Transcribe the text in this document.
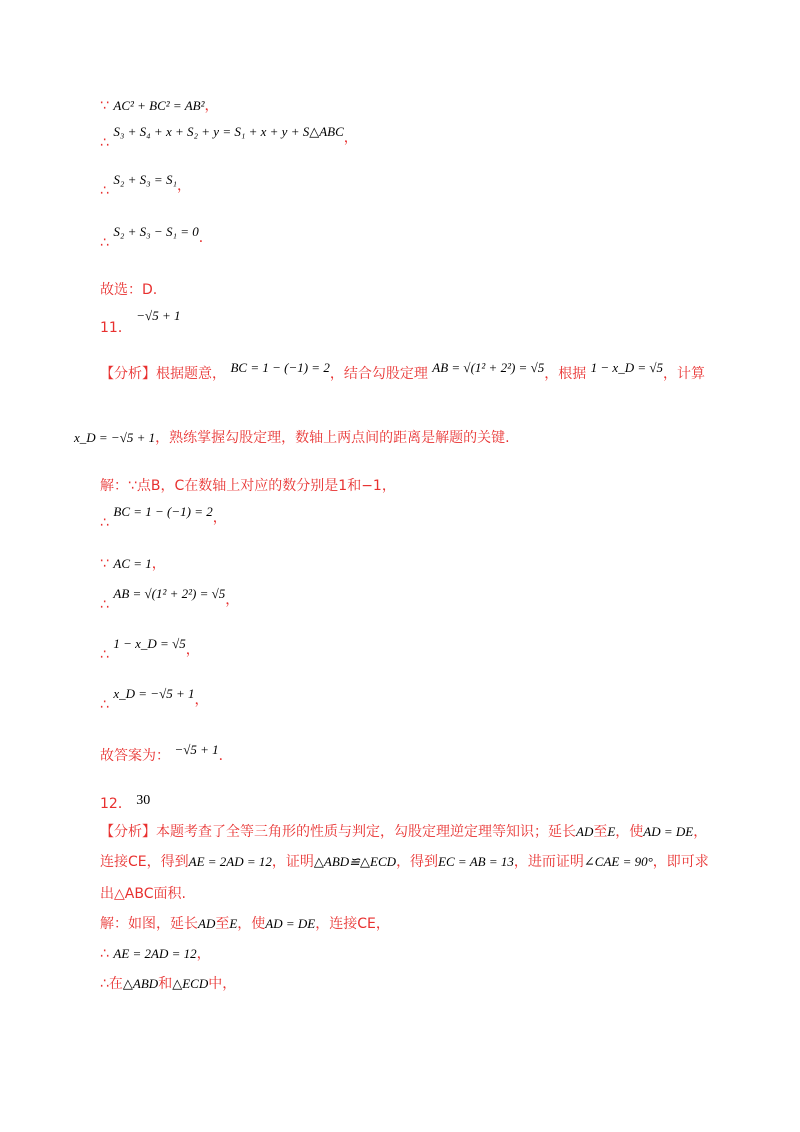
∵ AC² + BC² = AB²，
∴ S₃ + S₄ + x + S₂ + y = S₁ + x + y + S△ABC，
∴ S₂ + S₃ = S₁，
∴ S₂ + S₃ − S₁ = 0．
故选：D.
11． −√5 + 1
【分析】根据题意， BC = 1 − (−1) = 2，结合勾股定理 AB = √(1² + 2²) = √5，根据 1 − x_D = √5，计算
x_D = −√5 + 1，熟练掌握勾股定理，数轴上两点间的距离是解题的关键.
解：∵点B，C在数轴上对应的数分别是1和−1，
∴ BC = 1 − (−1) = 2，
∵ AC = 1，
∴ AB = √(1² + 2²) = √5，
∴ 1 − x_D = √5，
∴ x_D = −√5 + 1，
故答案为： −√5 + 1．
12． 30
【分析】本题考查了全等三角形的性质与判定，勾股定理逆定理等知识；延长AD至E，使AD = DE，
连接CE，得到AE = 2AD = 12，证明△ABD≌△ECD，得到EC = AB = 13，进而证明∠CAE = 90°，即可求
出△ABC面积.
解：如图，延长AD至E，使AD = DE，连接CE，
∴ AE = 2AD = 12，
∴在△ABD和△ECD中，
